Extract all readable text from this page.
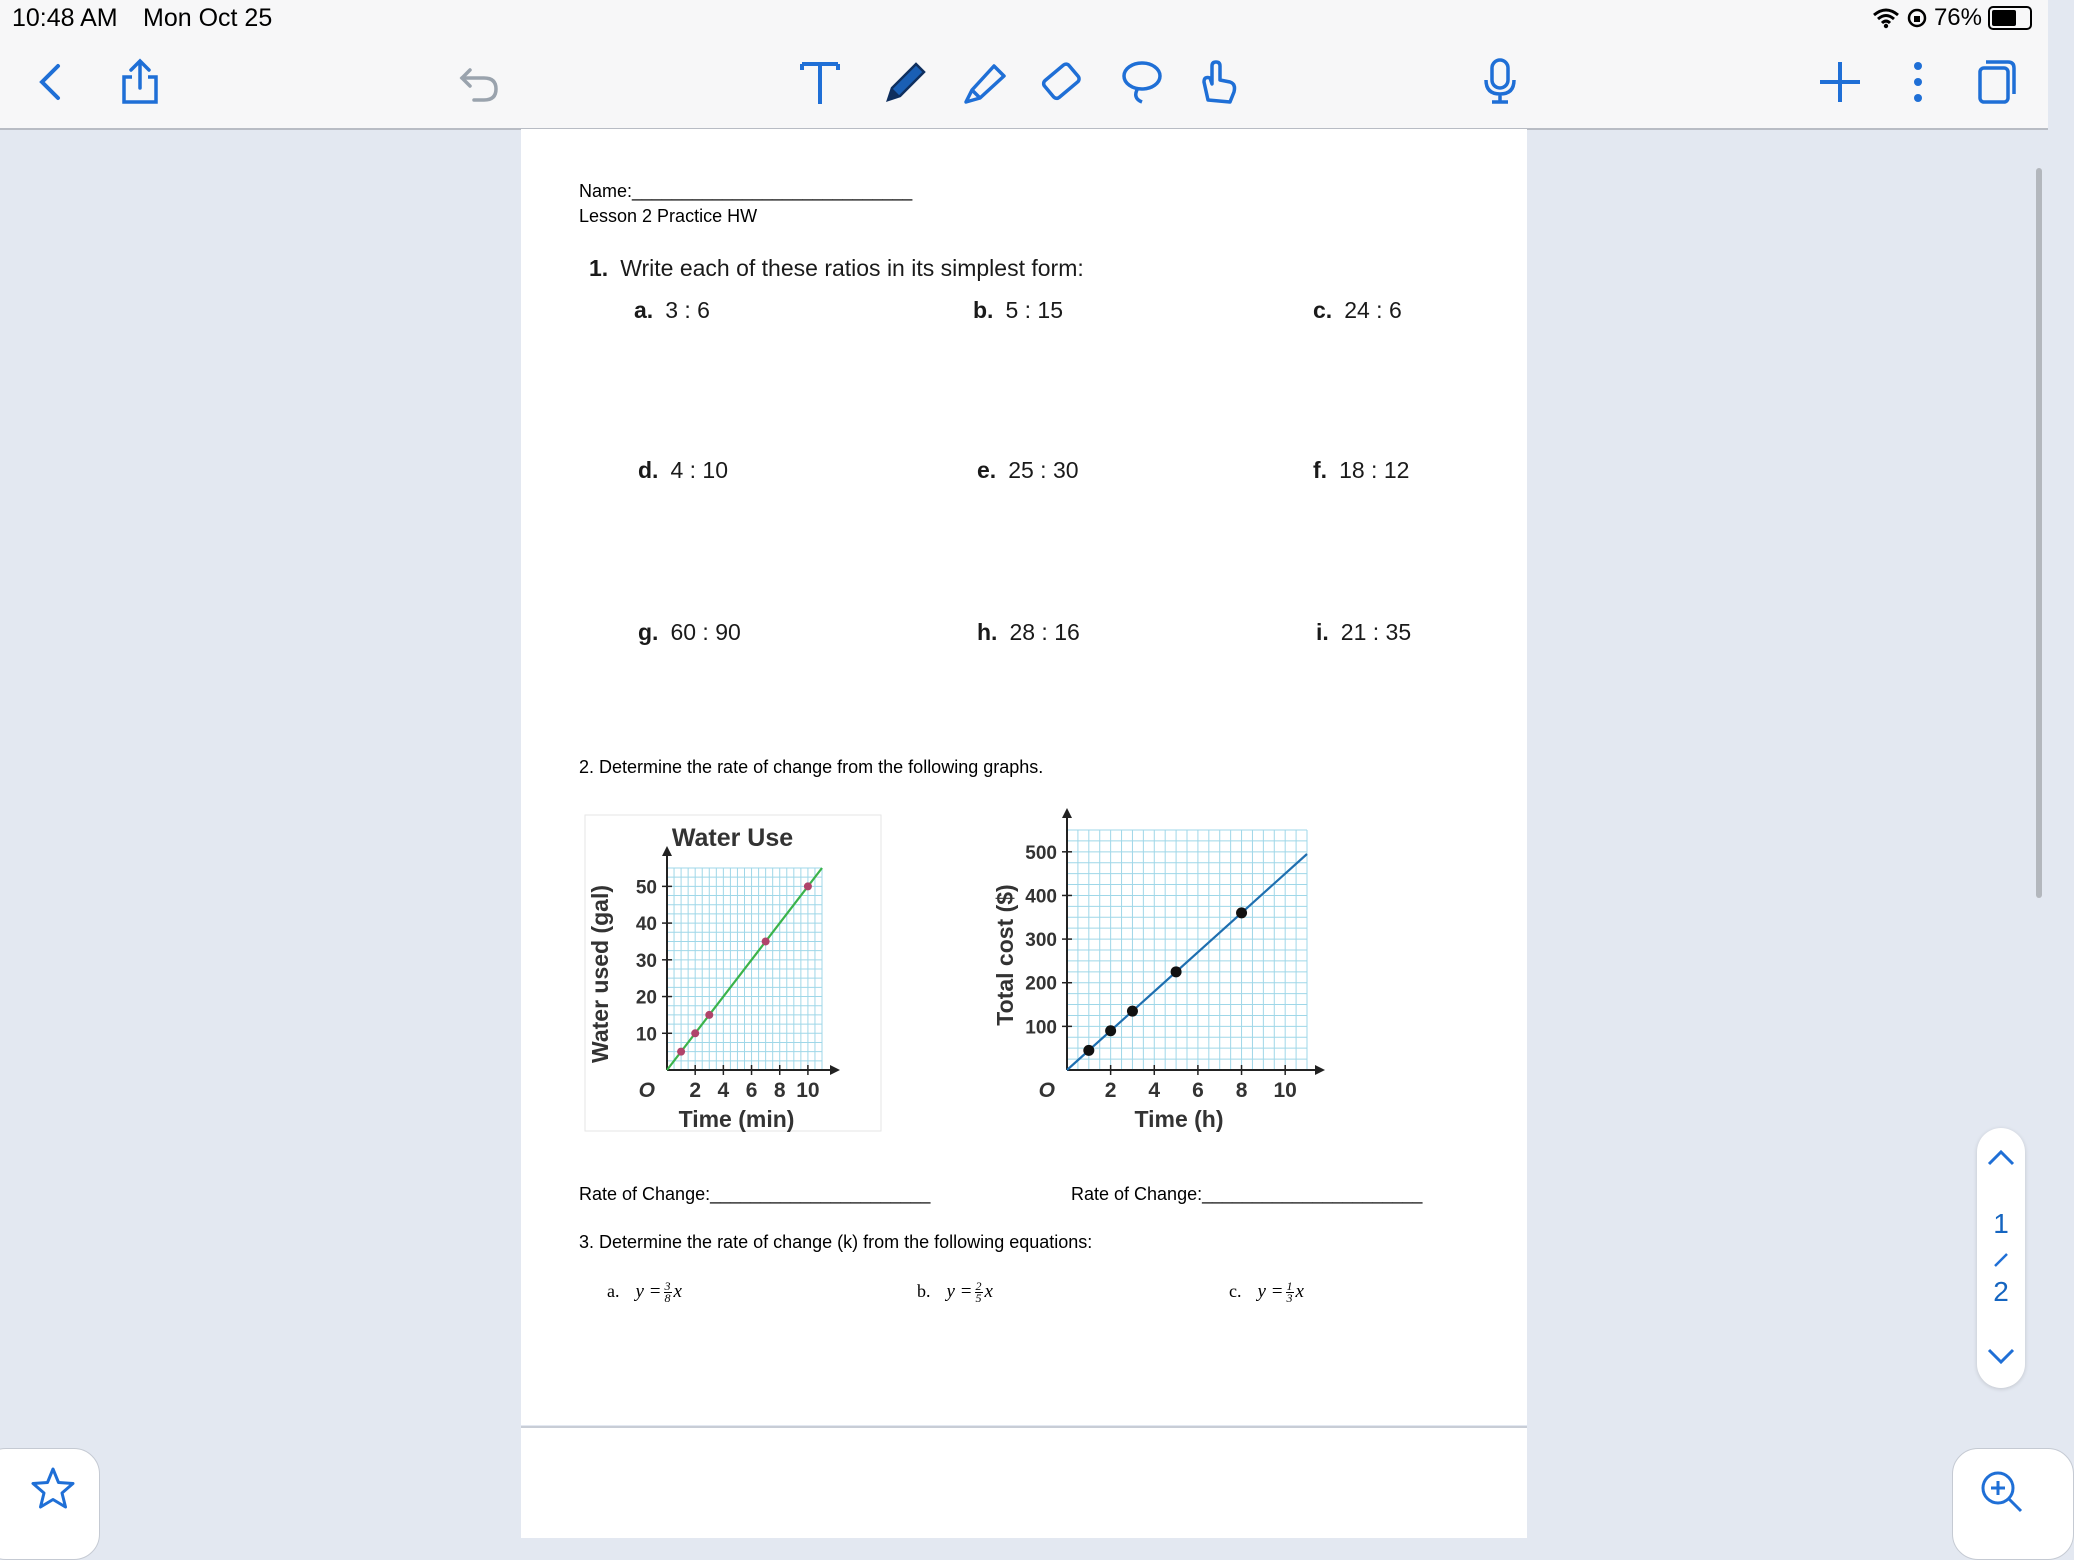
10:48 AM Mon Oct 25	76%
Name:____________________________
Lesson 2 Practice HW
1. Write each of these ratios in its simplest form:
a. 3 : 6	b. 5 : 15	c. 24 : 6
d. 4 : 10	e. 25 : 30	f. 18 : 12
g. 60 : 90	h. 28 : 16	i. 21 : 35
2. Determine the rate of change from the following graphs.
Water Use
2 4 6 8 10
10
20
30
40
50
O
Time (min)
Water used (gal)
2 4 6 8 10
100
200
300
400
500
O
Time (h)
Total cost ($)
Rate of Change:______________________	Rate of Change:______________________
3. Determine the rate of change (k) from the following equations:
a. $y = \frac{3}{8}$ x	b. $y = \frac{2}{5}$ x	c. $y = \frac{1}{3}$ x
1
2
